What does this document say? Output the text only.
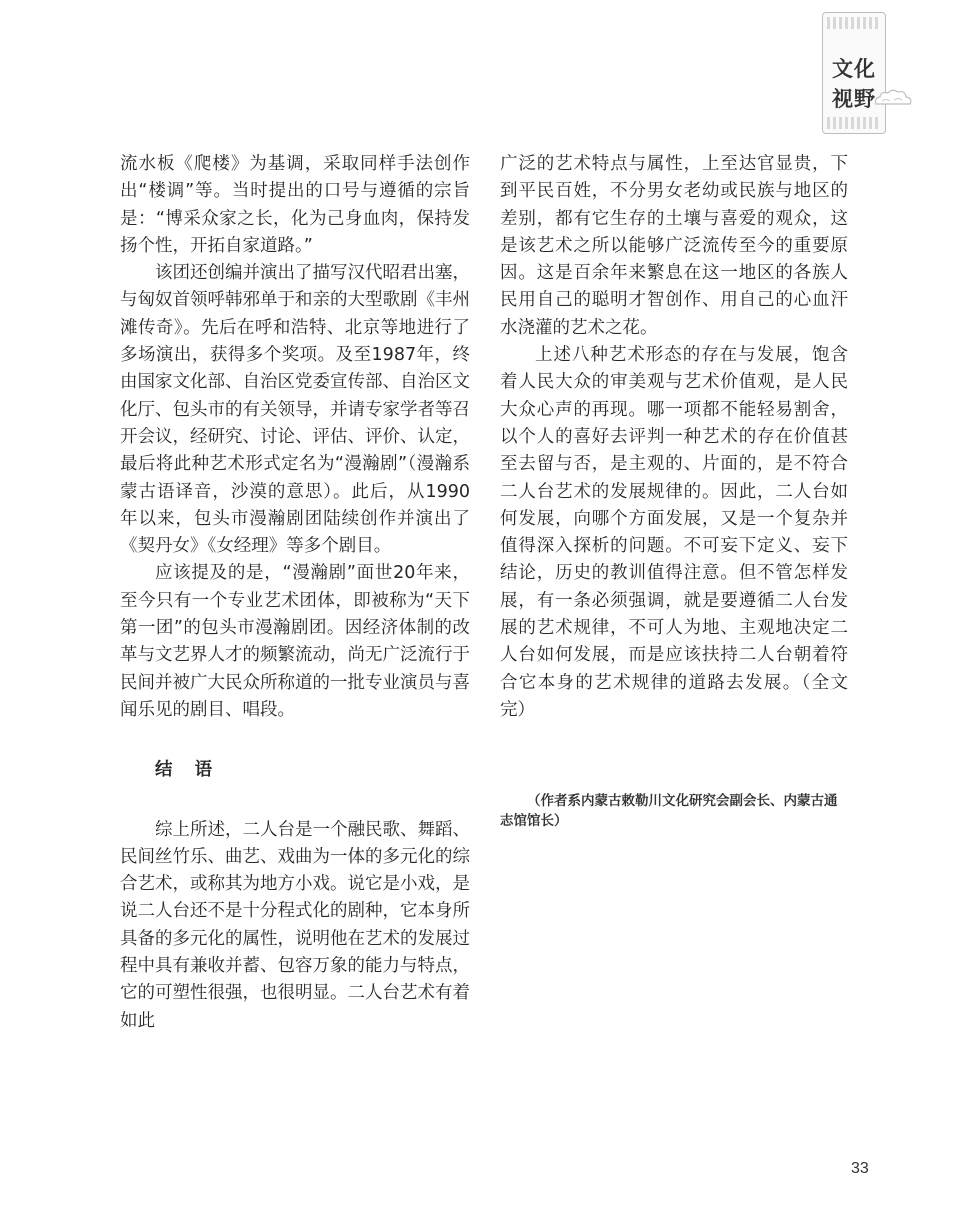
文化
视野

流水板《爬楼》为基调，采取同样手法创作出“楼调”等。当时提出的口号与遵循的宗旨是：“博采众家之长，化为己身血肉，保持发扬个性，开拓自家道路。”

该团还创编并演出了描写汉代昭君出塞，与匈奴首领呼韩邪单于和亲的大型歌剧《丰州滩传奇》。先后在呼和浩特、北京等地进行了多场演出，获得多个奖项。及至1987年，终由国家文化部、自治区党委宣传部、自治区文化厅、包头市的有关领导，并请专家学者等召开会议，经研究、讨论、评估、评价、认定，最后将此种艺术形式定名为“漫瀚剧”（漫瀚系蒙古语译音，沙漠的意思）。此后，从1990年以来，包头市漫瀚剧团陆续创作并演出了《契丹女》《女经理》等多个剧目。

应该提及的是，“漫瀚剧”面世20年来，至今只有一个专业艺术团体，即被称为“天下第一团”的包头市漫瀚剧团。因经济体制的改革与文艺界人才的频繁流动，尚无广泛流行于民间并被广大民众所称道的一批专业演员与喜闻乐见的剧目、唱段。

结 语

综上所述，二人台是一个融民歌、舞蹈、民间丝竹乐、曲艺、戏曲为一体的多元化的综合艺术，或称其为地方小戏。说它是小戏，是说二人台还不是十分程式化的剧种，它本身所具备的多元化的属性，说明他在艺术的发展过程中具有兼收并蓄、包容万象的能力与特点，它的可塑性很强，也很明显。二人台艺术有着如此

广泛的艺术特点与属性，上至达官显贵，下到平民百姓，不分男女老幼或民族与地区的差别，都有它生存的土壤与喜爱的观众，这是该艺术之所以能够广泛流传至今的重要原因。这是百余年来繁息在这一地区的各族人民用自己的聪明才智创作、用自己的心血汗水浇灌的艺术之花。

上述八种艺术形态的存在与发展，饱含着人民大众的审美观与艺术价值观，是人民大众心声的再现。哪一项都不能轻易割舍，以个人的喜好去评判一种艺术的存在价值甚至去留与否，是主观的、片面的，是不符合二人台艺术的发展规律的。因此，二人台如何发展，向哪个方面发展，又是一个复杂并值得深入探析的问题。不可妄下定义、妄下结论，历史的教训值得注意。但不管怎样发展，有一条必须强调，就是要遵循二人台发展的艺术规律，不可人为地、主观地决定二人台如何发展，而是应该扶持二人台朝着符合它本身的艺术规律的道路去发展。（全文完）

（作者系内蒙古敕勒川文化研究会副会长、内蒙古通志馆馆长）
33
